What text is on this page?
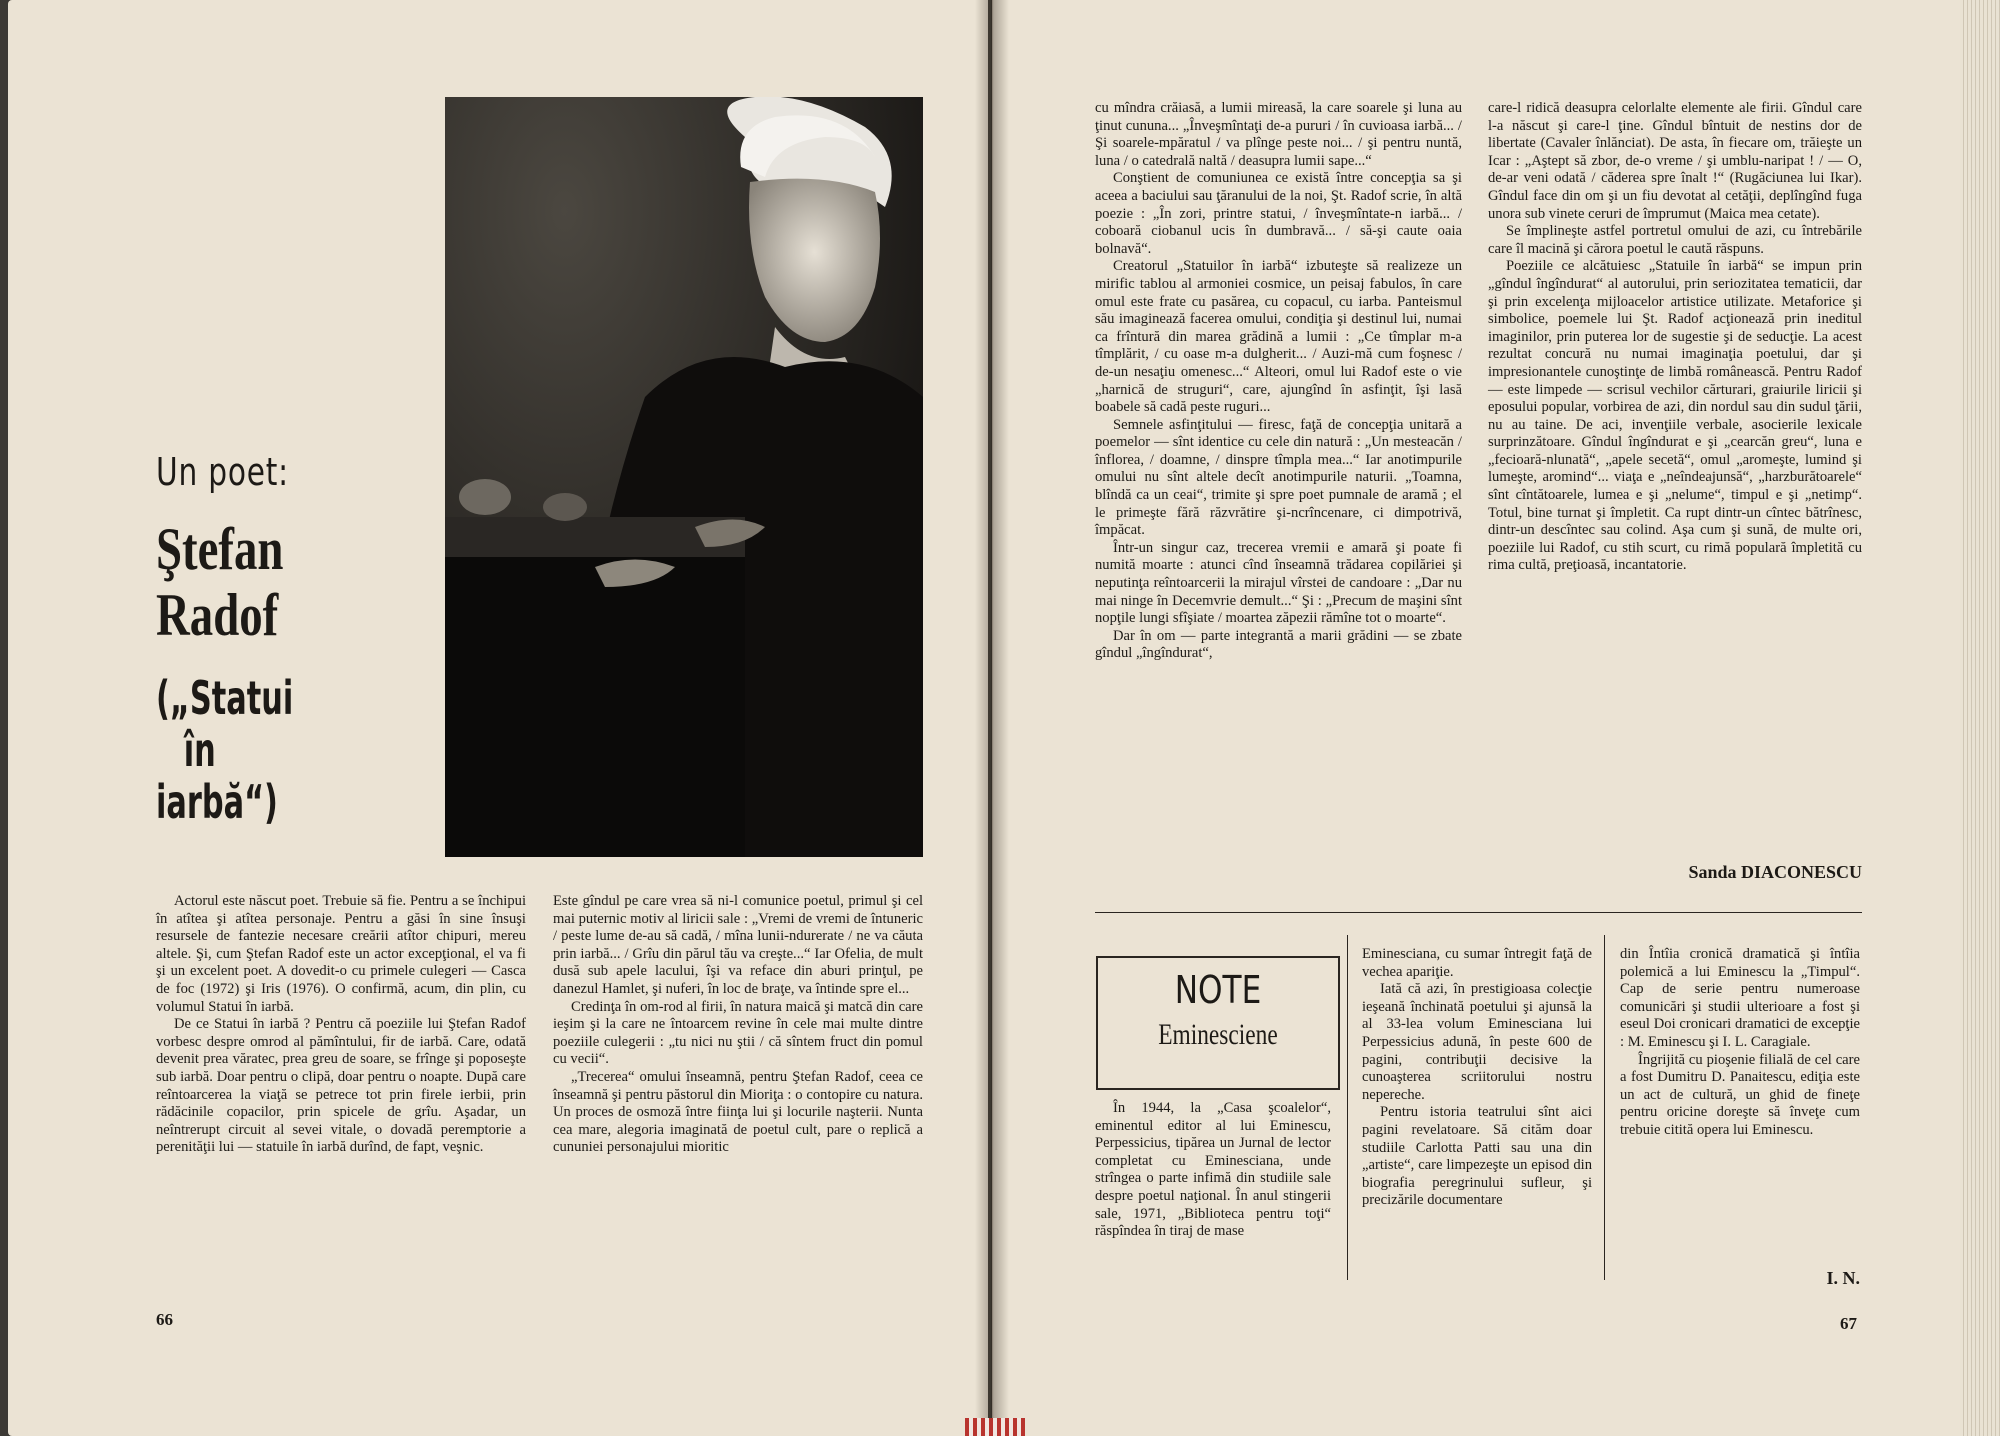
Un poet:
Ştefan
Radof
(„Statui
în
iarbă“)

Actorul este născut poet. Trebuie să fie. Pentru a se închipui în atîtea şi atîtea personaje. Pentru a găsi în sine însuşi resursele de fantezie necesare creării atîtor chipuri, mereu altele. Şi, cum Ştefan Radof este un actor excepţional, el va fi şi un excelent poet. A dovedit-o cu primele culegeri — Casca de foc (1972) şi Iris (1976). O confirmă, acum, din plin, cu volumul Statui în iarbă.

De ce Statui în iarbă ? Pentru că poeziile lui Ştefan Radof vorbesc despre omrod al pămîntului, fir de iarbă. Care, odată devenit prea văratec, prea greu de soare, se frînge şi poposeşte sub iarbă. Doar pentru o clipă, doar pentru o noapte. După care reîntoarcerea la viaţă se petrece tot prin firele ierbii, prin rădăcinile copacilor, prin spicele de grîu. Aşadar, un neîntrerupt circuit al sevei vitale, o dovadă peremptorie a perenităţii lui — statuile în iarbă durînd, de fapt, veşnic.

Este gîndul pe care vrea să ni-l comunice poetul, primul şi cel mai puternic motiv al liricii sale : „Vremi de vremi de întuneric / peste lume de-au să cadă, / mîna lunii-ndurerate / ne va căuta prin iarbă... / Grîu din părul tău va creşte...“ Iar Ofelia, de mult dusă sub apele lacului, îşi va reface din aburi prinţul, pe danezul Hamlet, şi nuferi, în loc de braţe, va întinde spre el...

Credinţa în om-rod al firii, în natura maică şi matcă din care ieşim şi la care ne întoarcem revine în cele mai multe dintre poeziile culegerii : „tu nici nu ştii / că sîntem fruct din pomul cu vecii“.

„Trecerea“ omului înseamnă, pentru Ştefan Radof, ceea ce înseamnă şi pentru păstorul din Mioriţa : o contopire cu natura. Un proces de osmoză între fiinţa lui şi locurile naşterii. Nunta cea mare, alegoria imaginată de poetul cult, pare o replică a cununiei personajului mioritic

66

cu mîndra crăiasă, a lumii mireasă, la care soarele şi luna au ţinut cununa... „Înveşmîntaţi de-a pururi / în cuvioasa iarbă... / Şi soarele-mpăratul / va plînge peste noi... / şi pentru nuntă, luna / o catedrală naltă / deasupra lumii sape...“

Conştient de comuniunea ce există între concepţia sa şi aceea a baciului sau ţăranului de la noi, Şt. Radof scrie, în altă poezie : „În zori, printre statui, / înveşmîntate-n iarbă... / coboară ciobanul ucis în dumbravă... / să-şi caute oaia bolnavă“.

Creatorul „Statuilor în iarbă“ izbuteşte să realizeze un mirific tablou al armoniei cosmice, un peisaj fabulos, în care omul este frate cu pasărea, cu copacul, cu iarba. Panteismul său imaginează facerea omului, condiţia şi destinul lui, numai ca frîntură din marea grădină a lumii : „Ce tîmplar m-a tîmplărit, / cu oase m-a dulgherit... / Auzi-mă cum foşnesc / de-un nesaţiu omenesc...“ Alteori, omul lui Radof este o vie „harnică de struguri“, care, ajungînd în asfinţit, îşi lasă boabele să cadă peste ruguri...

Semnele asfinţitului — firesc, faţă de concepţia unitară a poemelor — sînt identice cu cele din natură : „Un mesteacăn / înflorea, / doamne, / dinspre tîmpla mea...“ Iar anotimpurile omului nu sînt altele decît anotimpurile naturii. „Toamna, blîndă ca un ceai“, trimite şi spre poet pumnale de aramă ; el le primeşte fără răzvrătire şi-ncrîncenare, ci dimpotrivă, împăcat.

Într-un singur caz, trecerea vremii e amară şi poate fi numită moarte : atunci cînd înseamnă trădarea copilăriei şi neputinţa reîntoarcerii la mirajul vîrstei de candoare : „Dar nu mai ninge în Decemvrie demult...“ Şi : „Precum de maşini sînt nopţile lungi sfîşiate / moartea zăpezii rămîne tot o moarte“.

Dar în om — parte integrantă a marii grădini — se zbate gîndul „îngîndurat“,

care-l ridică deasupra celorlalte elemente ale firii. Gîndul care l-a născut şi care-l ţine. Gîndul bîntuit de nestins dor de libertate (Cavaler înlănciat). De asta, în fiecare om, trăieşte un Icar : „Aştept să zbor, de-o vreme / şi umblu-naripat ! / — O, de-ar veni odată / căderea spre înalt !“ (Rugăciunea lui Ikar). Gîndul face din om şi un fiu devotat al cetăţii, deplîngînd fuga unora sub vinete ceruri de împrumut (Maica mea cetate).

Se împlineşte astfel portretul omului de azi, cu întrebările care îl macină şi cărora poetul le caută răspuns.

Poeziile ce alcătuiesc „Statuile în iarbă“ se impun prin „gîndul îngîndurat“ al autorului, prin seriozitatea tematicii, dar şi prin excelenţa mijloacelor artistice utilizate. Metaforice şi simbolice, poemele lui Şt. Radof acţionează prin ineditul imaginilor, prin puterea lor de sugestie şi de seducţie. La acest rezultat concură nu numai imaginaţia poetului, dar şi impresionantele cunoştinţe de limbă românească. Pentru Radof — este limpede — scrisul vechilor cărturari, graiurile liricii şi eposului popular, vorbirea de azi, din nordul sau din sudul ţării, nu au taine. De aci, invenţiile verbale, asocierile lexicale surprinzătoare. Gîndul îngîndurat e şi „cearcăn greu“, luna e „fecioară-nlunată“, „apele secetă“, omul „aromeşte, lumind şi lumeşte, aromind“... viaţa e „neîndeajunsă“, „harzburătoarele“ sînt cîntătoarele, lumea e şi „nelume“, timpul e şi „netimp“. Totul, bine turnat şi împletit. Ca rupt dintr-un cîntec bătrînesc, dintr-un descîntec sau colind. Aşa cum şi sună, de multe ori, poeziile lui Radof, cu stih scurt, cu rimă populară împletită cu rima cultă, preţioasă, incantatorie.

Sanda DIACONESCU
NOTE
Eminesciene

În 1944, la „Casa şcoalelor“, eminentul editor al lui Eminescu, Perpessicius, tipărea un Jurnal de lector completat cu Eminesciana, unde strîngea o parte infimă din studiile sale despre poetul naţional. În anul stingerii sale, 1971, „Biblioteca pentru toţi“ răspîndea în tiraj de mase

Eminesciana, cu sumar întregit faţă de vechea apariţie.

Iată că azi, în prestigioasa colecţie ieşeană închinată poetului şi ajunsă la al 33-lea volum Eminesciana lui Perpessicius adună, în peste 600 de pagini, contribuţii decisive la cunoaşterea scriitorului nostru nepereche.

Pentru istoria teatrului sînt aici pagini revelatoare. Să cităm doar studiile Carlotta Patti sau una din „artiste“, care limpezeşte un episod din biografia peregrinului sufleur, şi precizările documentare

din Întîia cronică dramatică şi întîia polemică a lui Eminescu la „Timpul“. Cap de serie pentru numeroase comunicări şi studii ulterioare a fost şi eseul Doi cronicari dramatici de excepţie : M. Eminescu şi I. L. Caragiale.

Îngrijită cu pioşenie filială de cel care a fost Dumitru D. Panaitescu, ediţia este un act de cultură, un ghid de fineţe pentru oricine doreşte să înveţe cum trebuie citită opera lui Eminescu.

I. N.
67
